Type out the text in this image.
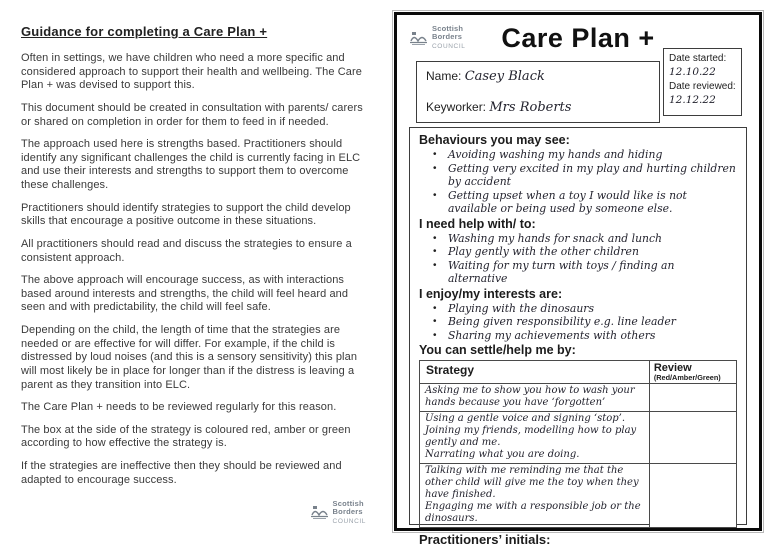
Guidance for completing a Care Plan +

Often in settings, we have children who need a more specific and considered approach to support their health and wellbeing. The Care Plan + was devised to support this.

This document should be created in consultation with parents/ carers or shared on completion in order for them to feed in if needed.

The approach used here is strengths based. Practitioners should identify any significant challenges the child is currently facing in ELC and use their interests and strengths to support them to overcome these challenges.

Practitioners should identify strategies to support the child develop skills that encourage a positive outcome in these situations.

All practitioners should read and discuss the strategies to ensure a consistent approach.

The above approach will encourage success, as with interactions based around interests and strengths, the child will feel heard and seen and with predictability, the child will feel safe.

Depending on the child, the length of time that the strategies are needed or are effective for will differ. For example, if the child is distressed by loud noises (and this is a sensory sensitivity) this plan will most likely be in place for longer than if the distress is leaving a parent as they transition into ELC.

The Care Plan + needs to be reviewed regularly for this reason.

The box at the side of the strategy is coloured red, amber or green according to how effective the strategy is.

If the strategies are ineffective then they should be reviewed and adapted to encourage success.

Scottish
Borders
COUNCIL
Scottish
Borders
COUNCIL	Care Plan +
Name: Casey Black
Keyworker: Mrs Roberts
Date started:
12.10.22
Date reviewed:
12.12.22
Behaviours you may see:
•	Avoiding washing my hands and hiding
•	Getting very excited in my play and hurting children by accident
•	Getting upset when a toy I would like is not available or being used by someone else.
I need help with/ to:
•	Washing my hands for snack and lunch
•	Play gently with the other children
•	Waiting for my turn with toys / finding an alternative
I enjoy/my interests are:
•	Playing with the dinosaurs
•	Being given responsibility e.g. line leader
•	Sharing my achievements with others
You can settle/help me by:
Strategy	Review
(Red/Amber/Green)

Asking me to show you how to wash your hands because you have ‘forgotten’	

Using a gentle voice and signing ‘stop’.
Joining my friends, modelling how to play gently and me.
Narrating what you are doing.	

Talking with me reminding me that the other child will give me the toy when they have finished.
Engaging me with a responsible job or the dinosaurs.	

Practitioners’ initials:
